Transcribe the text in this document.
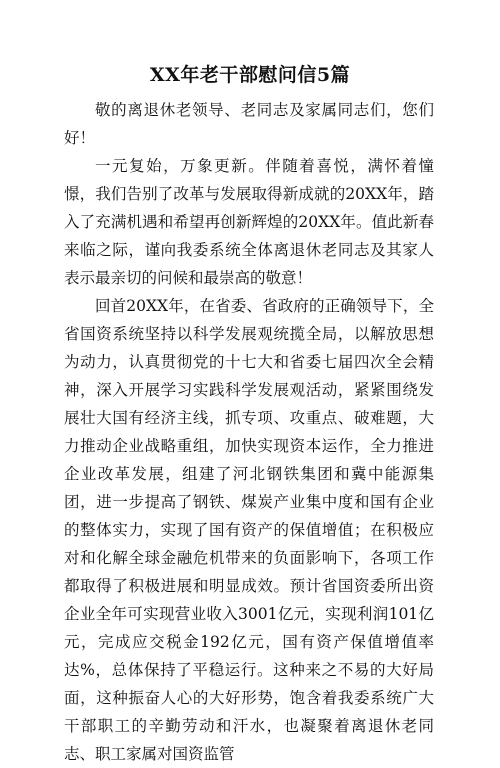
XX年老干部慰问信5篇

敬的离退休老领导、老同志及家属同志们，您们好！

一元复始，万象更新。伴随着喜悦，满怀着憧憬，我们告别了改革与发展取得新成就的20XX年，踏入了充满机遇和希望再创新辉煌的20XX年。值此新春来临之际，谨向我委系统全体离退休老同志及其家人表示最亲切的问候和最崇高的敬意！

回首20XX年，在省委、省政府的正确领导下，全省国资系统坚持以科学发展观统揽全局，以解放思想为动力，认真贯彻党的十七大和省委七届四次全会精神，深入开展学习实践科学发展观活动，紧紧围绕发展壮大国有经济主线，抓专项、攻重点、破难题，大力推动企业战略重组，加快实现资本运作，全力推进企业改革发展，组建了河北钢铁集团和冀中能源集团，进一步提高了钢铁、煤炭产业集中度和国有企业的整体实力，实现了国有资产的保值增值；在积极应对和化解全球金融危机带来的负面影响下，各项工作都取得了积极进展和明显成效。预计省国资委所出资企业全年可实现营业收入3001亿元，实现利润101亿元，完成应交税金192亿元，国有资产保值增值率达%，总体保持了平稳运行。这种来之不易的大好局面，这种振奋人心的大好形势，饱含着我委系统广大干部职工的辛勤劳动和汗水，也凝聚着离退休老同志、职工家属对国资监管
